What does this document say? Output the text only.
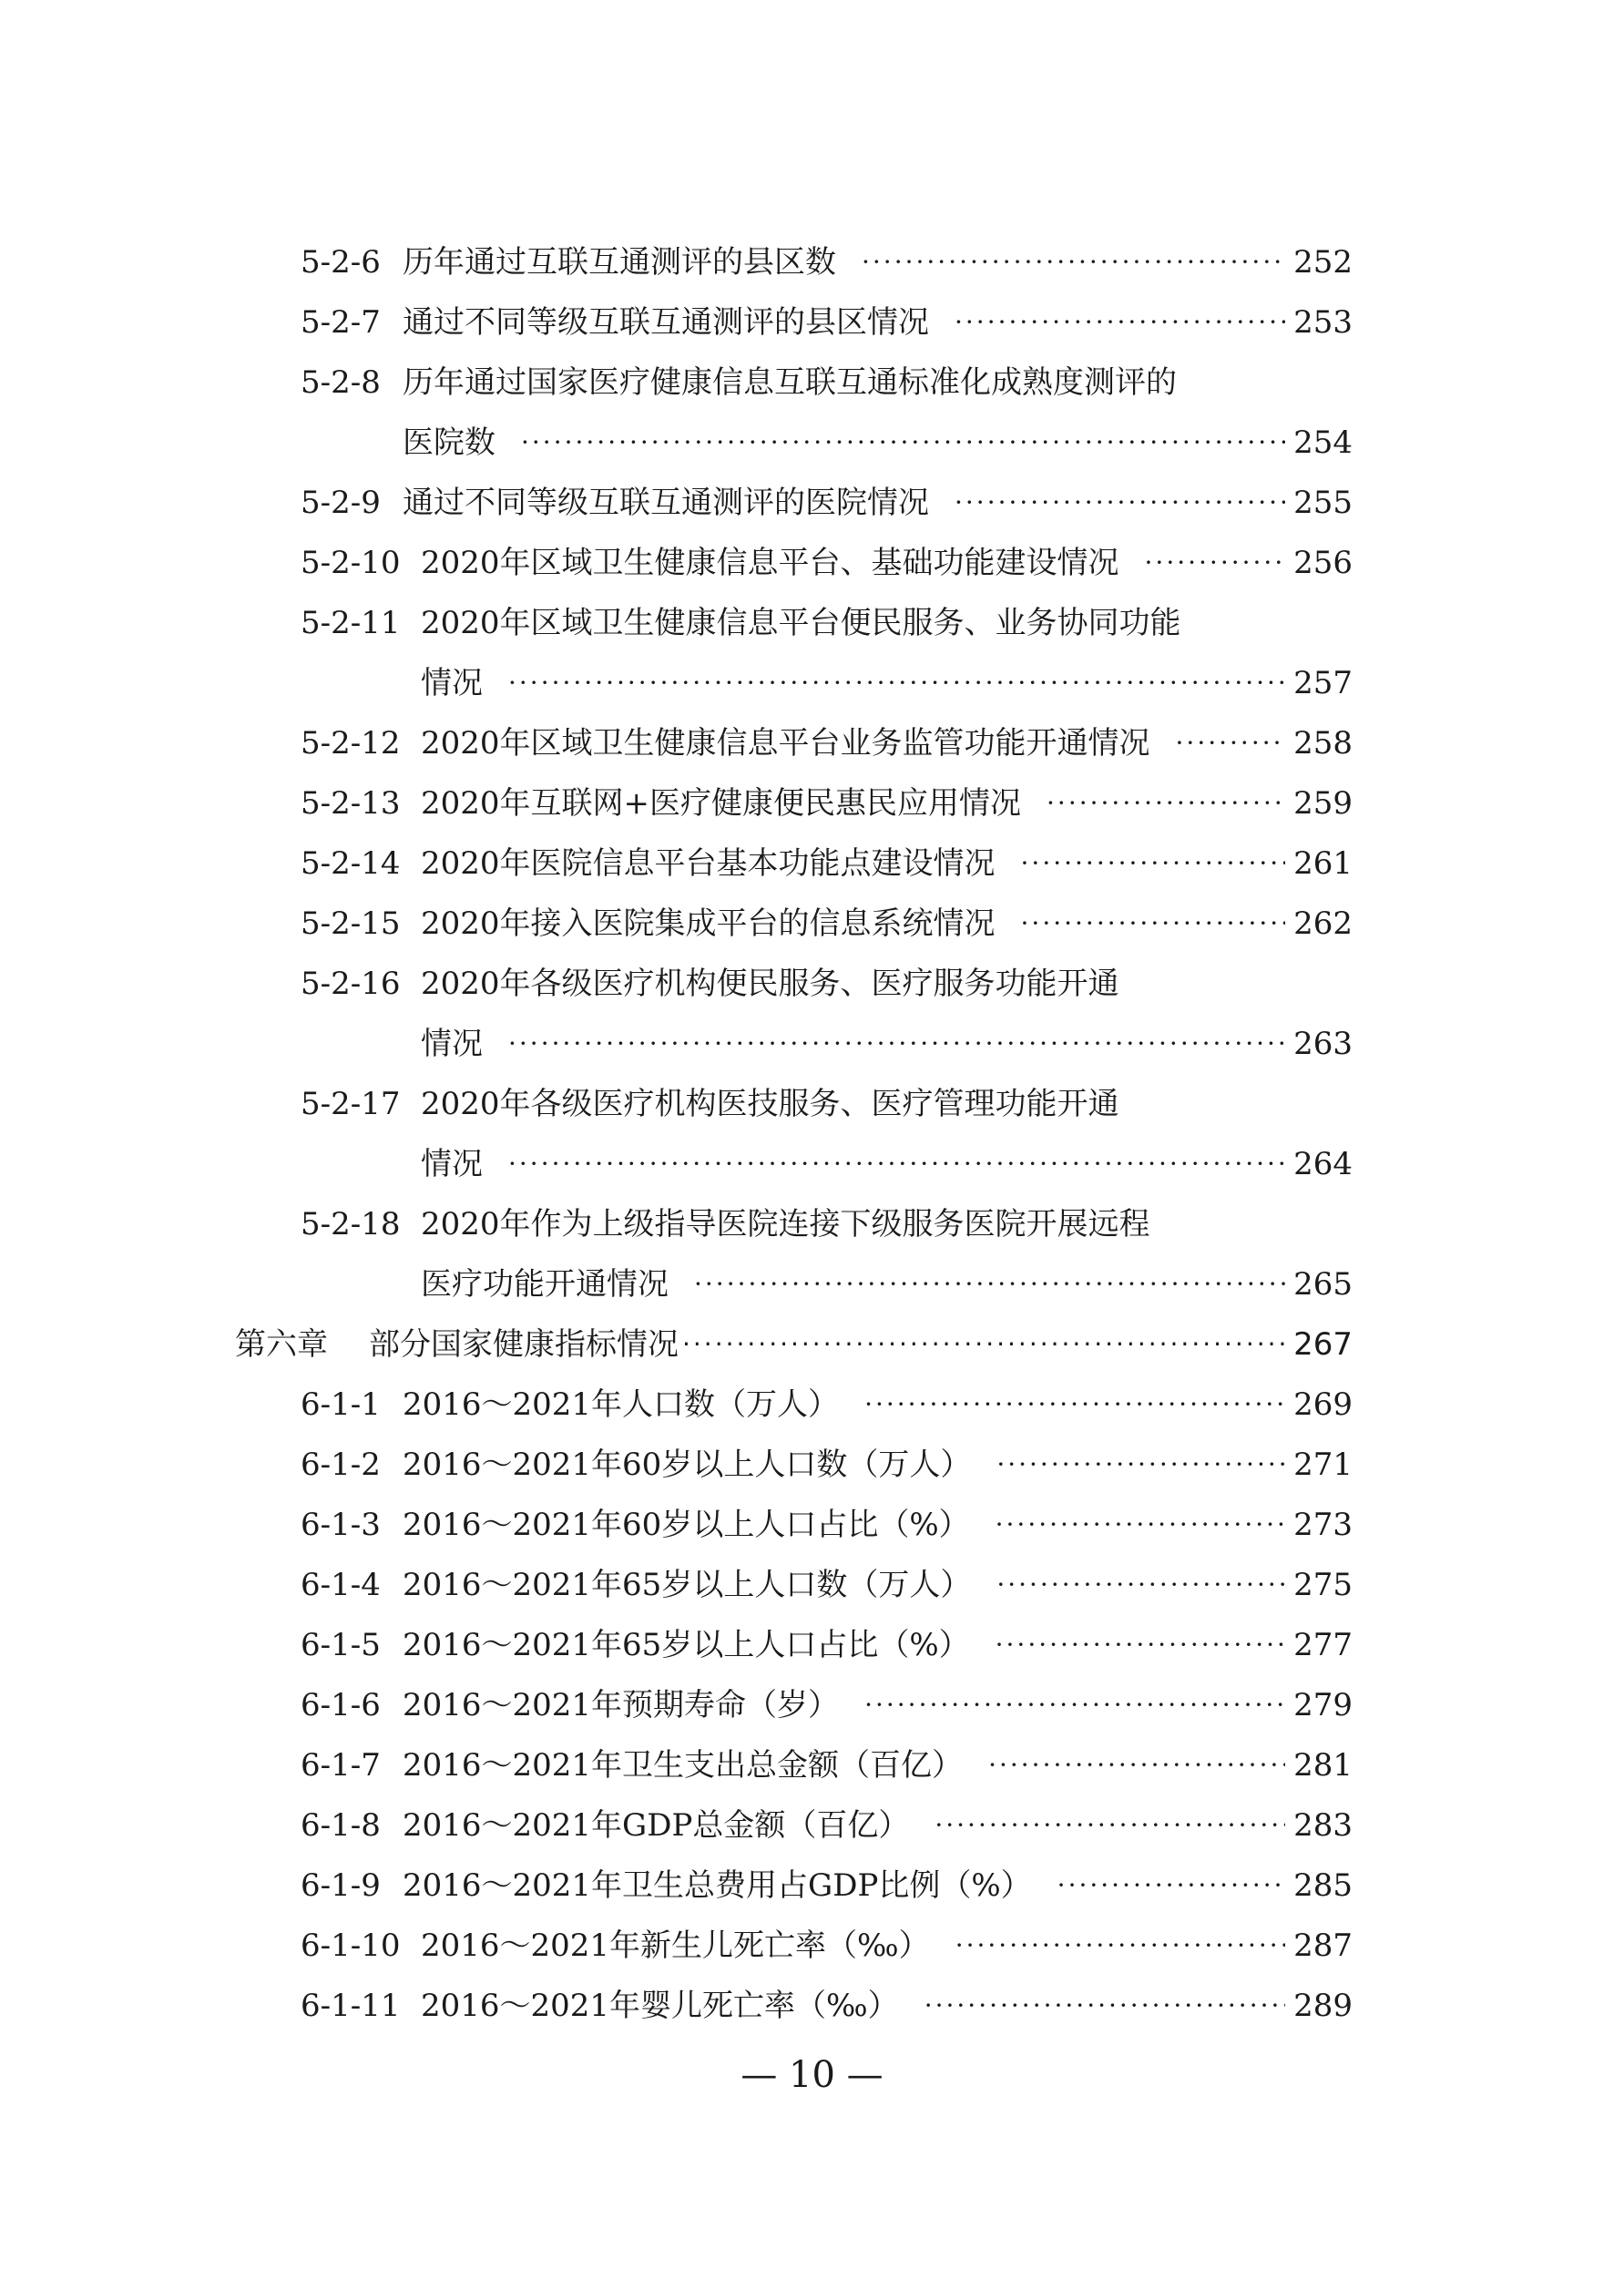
5-2-6 历年通过互联互通测评的县区数 ·····	252
5-2-7 通过不同等级互联互通测评的县区情况 ·····	253
5-2-8 历年通过国家医疗健康信息互联互通标准化成熟度测评的
医院数 ·····	254
5-2-9 通过不同等级互联互通测评的医院情况 ·····	255
5-2-10 2020年区域卫生健康信息平台、基础功能建设情况 ·····	256
5-2-11 2020年区域卫生健康信息平台便民服务、业务协同功能
情况 ·····	257
5-2-12 2020年区域卫生健康信息平台业务监管功能开通情况 ·····	258
5-2-13 2020年互联网+医疗健康便民惠民应用情况 ·····	259
5-2-14 2020年医院信息平台基本功能点建设情况 ·····	261
5-2-15 2020年接入医院集成平台的信息系统情况 ·····	262
5-2-16 2020年各级医疗机构便民服务、医疗服务功能开通
情况 ·····	263
5-2-17 2020年各级医疗机构医技服务、医疗管理功能开通
情况 ·····	264
5-2-18 2020年作为上级指导医院连接下级服务医院开展远程
医疗功能开通情况 ·····	265
第六章 部分国家健康指标情况 ·····	267
6-1-1 2016～2021年人口数（万人） ·····	269
6-1-2 2016～2021年60岁以上人口数（万人） ·····	271
6-1-3 2016～2021年60岁以上人口占比（%） ·····	273
6-1-4 2016～2021年65岁以上人口数（万人） ·····	275
6-1-5 2016～2021年65岁以上人口占比（%） ·····	277
6-1-6 2016～2021年预期寿命（岁） ·····	279
6-1-7 2016～2021年卫生支出总金额（百亿） ·····	281
6-1-8 2016～2021年GDP总金额（百亿） ·····	283
6-1-9 2016～2021年卫生总费用占GDP比例（%） ·····	285
6-1-10 2016～2021年新生儿死亡率（‰） ·····	287
6-1-11 2016～2021年婴儿死亡率（‰） ·····	289
— 10 —
